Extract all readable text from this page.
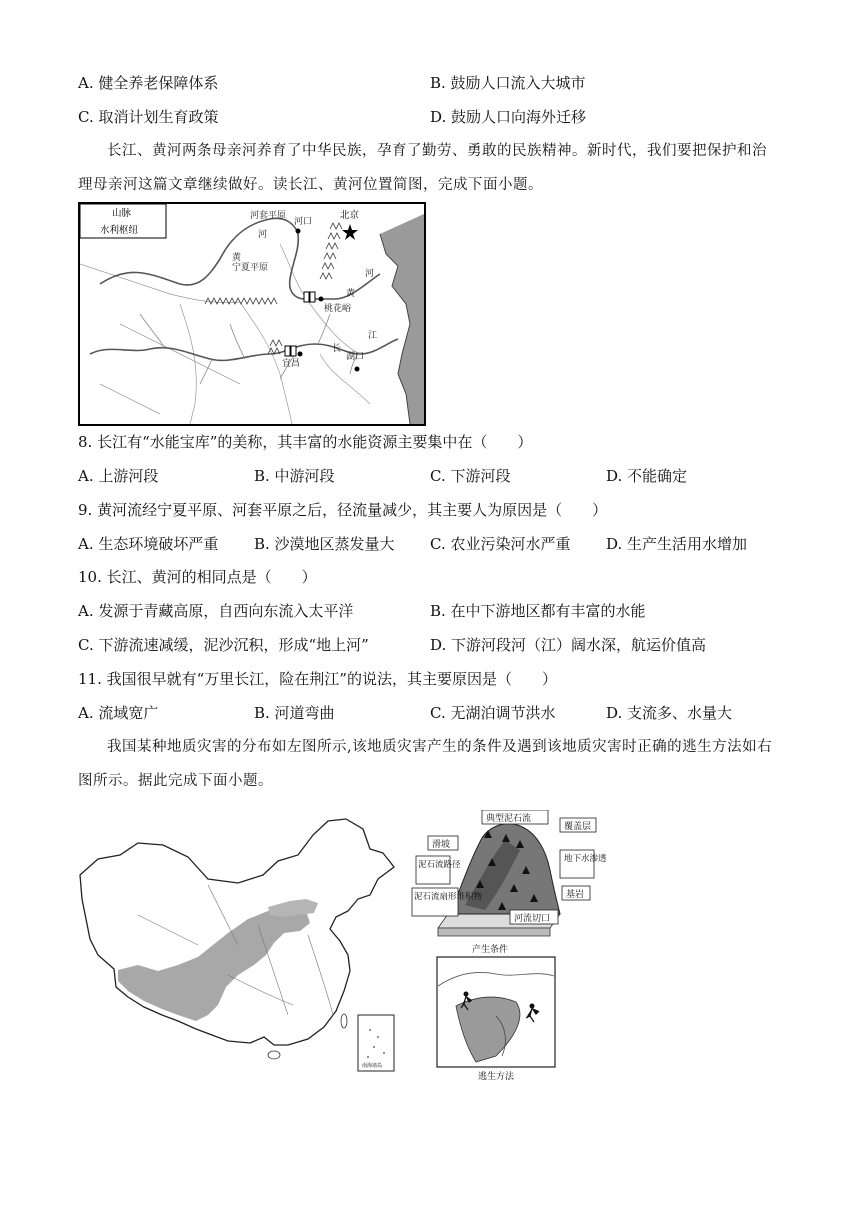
A. 健全养老保障体系	B. 鼓励人口流入大城市
C. 取消计划生育政策	D. 鼓励人口向海外迁移
长江、黄河两条母亲河养育了中华民族，孕育了勤劳、勇敢的民族精神。新时代，我们要把保护和治理母亲河这篇文章继续做好。读长江、黄河位置简图，完成下面小题。
山脉
水利枢纽
河套平原
河口
北京
河
黄
宁夏平原
河
黄
桃花峪
江
长
湖口
宜昌
8. 长江有“水能宝库”的美称，其丰富的水能资源主要集中在（　　）
A. 上游河段	B. 中游河段	C. 下游河段	D. 不能确定
9. 黄河流经宁夏平原、河套平原之后，径流量减少，其主要人为原因是（　　）
A. 生态环境破坏严重 B. 沙漠地区蒸发量大 C. 农业污染河水严重 D. 生产生活用水增加
10. 长江、黄河的相同点是（　　）
A. 发源于青藏高原，自西向东流入太平洋	B. 在中下游地区都有丰富的水能
C. 下游流速减缓，泥沙沉积，形成“地上河”	D. 下游河段河（江）阔水深，航运价值高
11. 我国很早就有“万里长江，险在荆江”的说法，其主要原因是（　　）
A. 流域宽广	B. 河道弯曲	C. 无湖泊调节洪水	D. 支流多、水量大
我国某种地质灾害的分布如左图所示,该地质灾害产生的条件及遇到该地质灾害时正确的逃生方法如右图所示。据此完成下面小题。
南海诸岛
典型泥石流
覆盖层
滑坡
泥石流路径
地下水渗透
基岩
泥石流扇形堆积物
河流切口
产生条件
逃生方法
